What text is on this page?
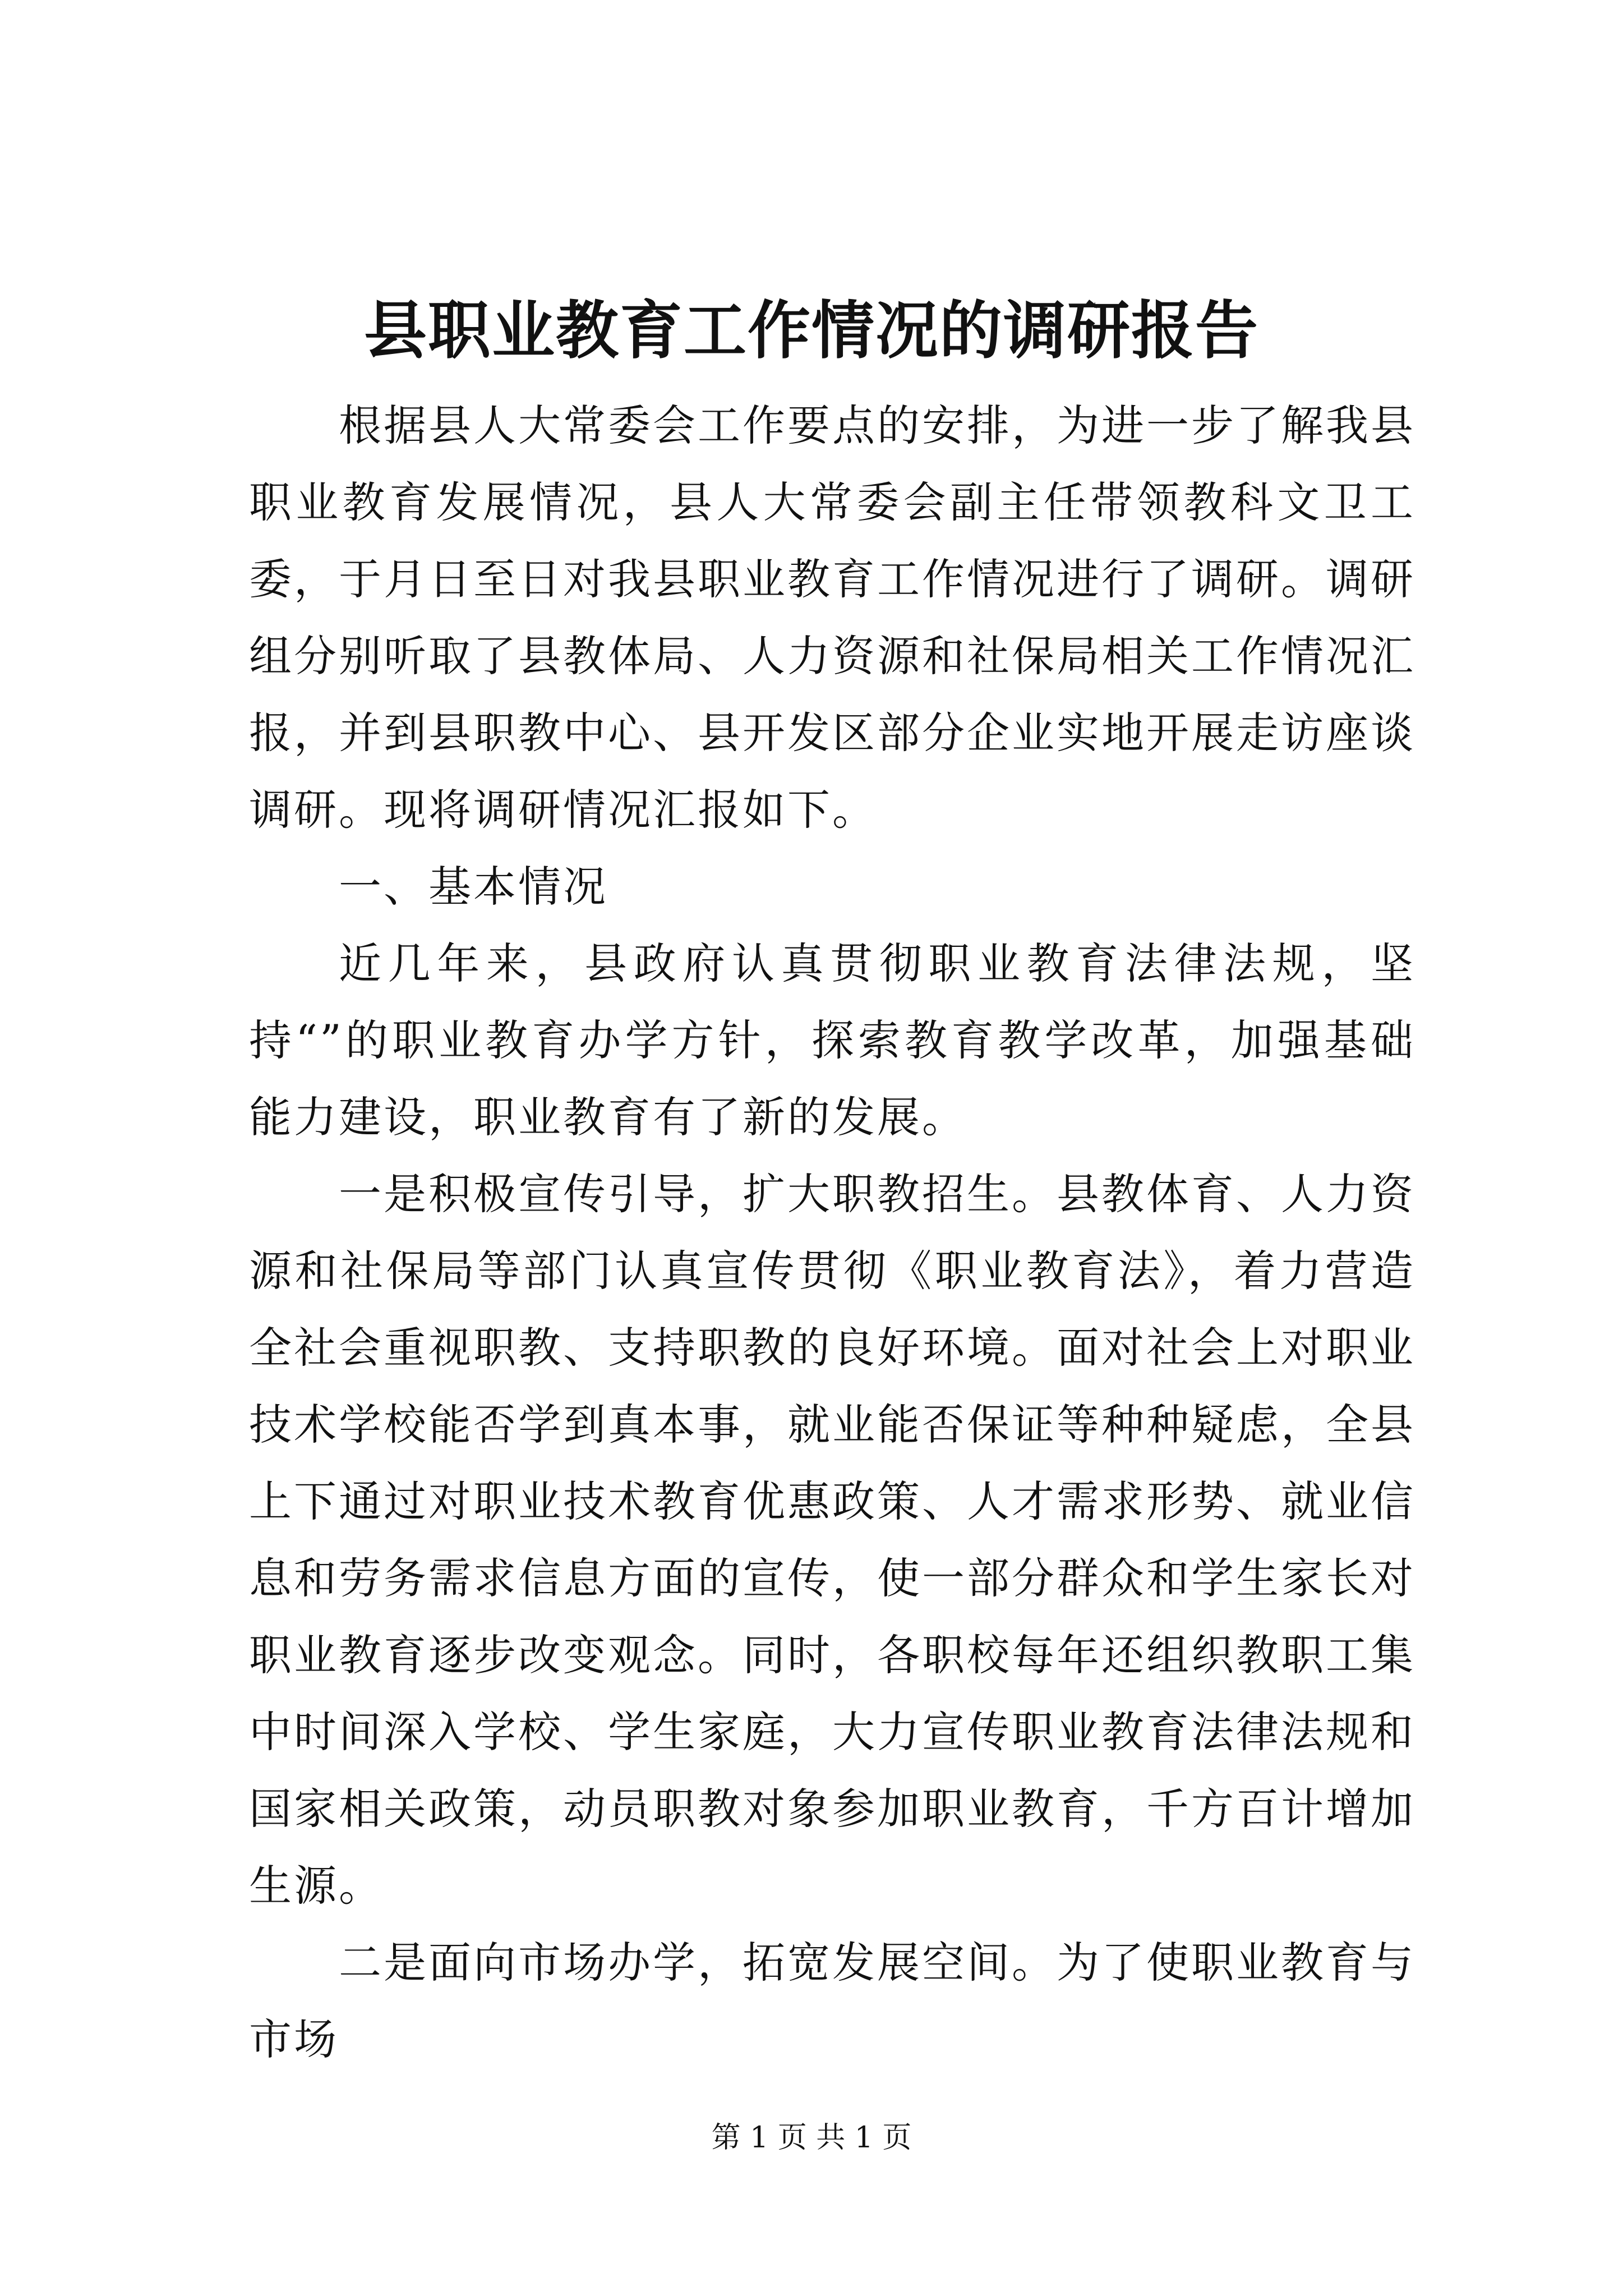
县职业教育工作情况的调研报告

根据县人大常委会工作要点的安排，为进一步了解我县职业教育发展情况，县人大常委会副主任带领教科文卫工委，于月日至日对我县职业教育工作情况进行了调研。调研组分别听取了县教体局、人力资源和社保局相关工作情况汇报，并到县职教中心、县开发区部分企业实地开展走访座谈调研。现将调研情况汇报如下。

一、基本情况

近几年来，县政府认真贯彻职业教育法律法规，坚持“”的职业教育办学方针，探索教育教学改革，加强基础能力建设，职业教育有了新的发展。

一是积极宣传引导，扩大职教招生。县教体育、人力资源和社保局等部门认真宣传贯彻《职业教育法》，着力营造全社会重视职教、支持职教的良好环境。面对社会上对职业技术学校能否学到真本事，就业能否保证等种种疑虑，全县上下通过对职业技术教育优惠政策、人才需求形势、就业信息和劳务需求信息方面的宣传，使一部分群众和学生家长对职业教育逐步改变观念。同时，各职校每年还组织教职工集中时间深入学校、学生家庭，大力宣传职业教育法律法规和国家相关政策，动员职教对象参加职业教育，千方百计增加生源。

二是面向市场办学，拓宽发展空间。为了使职业教育与市场

第 1 页 共 1 页
